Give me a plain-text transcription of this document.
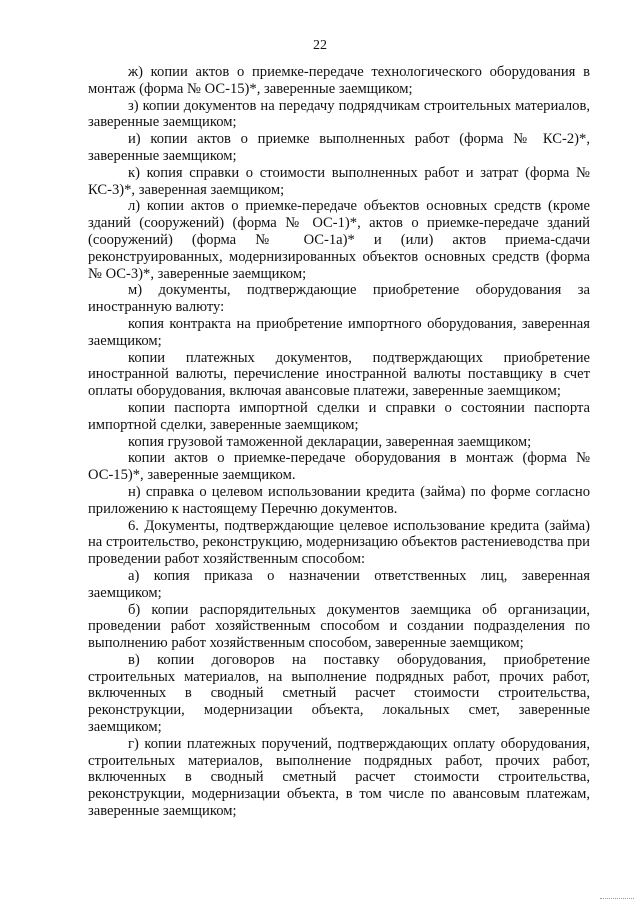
22

ж) копии актов о приемке-передаче технологического оборудования в монтаж (форма № ОС-15)*, заверенные заемщиком;

з) копии документов на передачу подрядчикам строительных материалов, заверенные заемщиком;

и) копии актов о приемке выполненных работ (форма № КС-2)*, заверенные заемщиком;

к) копия справки о стоимости выполненных работ и затрат (форма № КС-3)*, заверенная заемщиком;

л) копии актов о приемке-передаче объектов основных средств (кроме зданий (сооружений) (форма № ОС-1)*, актов о приемке-передаче зданий (сооружений) (форма № ОС-1а)* и (или) актов приема-сдачи реконструированных, модернизированных объектов основных средств (форма № ОС-3)*, заверенные заемщиком;

м) документы, подтверждающие приобретение оборудования за иностранную валюту:

копия контракта на приобретение импортного оборудования, заверенная заемщиком;

копии платежных документов, подтверждающих приобретение иностранной валюты, перечисление иностранной валюты поставщику в счет оплаты оборудования, включая авансовые платежи, заверенные заемщиком;

копии паспорта импортной сделки и справки о состоянии паспорта импортной сделки, заверенные заемщиком;

копия грузовой таможенной декларации, заверенная заемщиком;

копии актов о приемке-передаче оборудования в монтаж (форма № ОС-15)*, заверенные заемщиком.

н) справка о целевом использовании кредита (займа) по форме согласно приложению к настоящему Перечню документов.

6. Документы, подтверждающие целевое использование кредита (займа) на строительство, реконструкцию, модернизацию объектов растениеводства при проведении работ хозяйственным способом:

а) копия приказа о назначении ответственных лиц, заверенная заемщиком;

б) копии распорядительных документов заемщика об организации, проведении работ хозяйственным способом и создании подразделения по выполнению работ хозяйственным способом, заверенные заемщиком;

в) копии договоров на поставку оборудования, приобретение строительных материалов, на выполнение подрядных работ, прочих работ, включенных в сводный сметный расчет стоимости строительства, реконструкции, модернизации объекта, локальных смет, заверенные заемщиком;

г) копии платежных поручений, подтверждающих оплату оборудования, строительных материалов, выполнение подрядных работ, прочих работ, включенных в сводный сметный расчет стоимости строительства, реконструкции, модернизации объекта, в том числе по авансовым платежам, заверенные заемщиком;
